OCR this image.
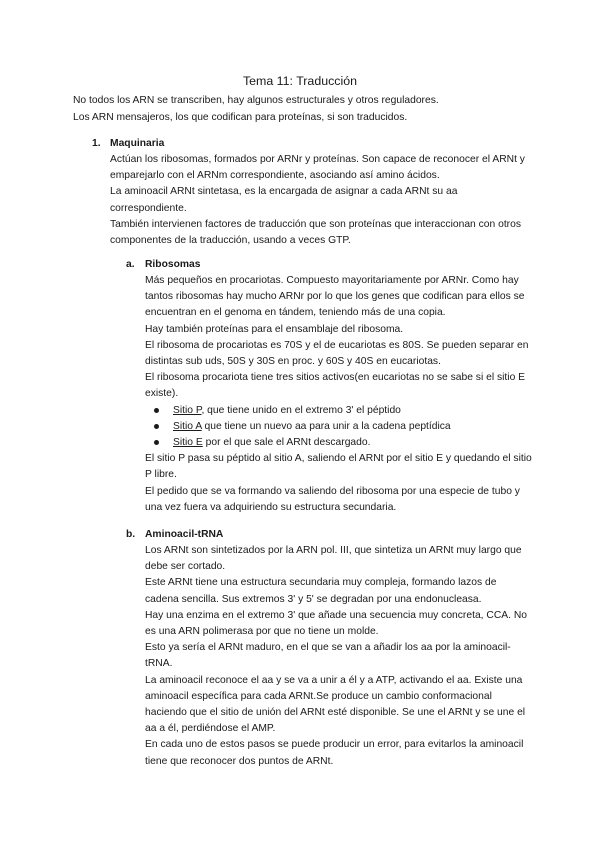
Tema 11: Traducción

No todos los ARN se transcriben, hay algunos estructurales y otros reguladores.

Los ARN mensajeros, los que codifican para proteínas, si son traducidos.

1. Maquinaria

Actúan los ribosomas, formados por ARNr y proteínas. Son capace de reconocer el ARNt y emparejarlo con el ARNm correspondiente, asociando así amino ácidos.

La aminoacil ARNt sintetasa, es la encargada de asignar a cada ARNt su aa correspondiente.

También intervienen factores de traducción que son proteínas que interaccionan con otros componentes de la traducción, usando a veces GTP.

a. Ribosomas

Más pequeños en procariotas. Compuesto mayoritariamente por ARNr. Como hay tantos ribosomas hay mucho ARNr por lo que los genes que codifican para ellos se encuentran en el genoma en tándem, teniendo más de una copia.

Hay también proteínas para el ensamblaje del ribosoma.

El ribosoma de procariotas es 70S y el de eucariotas es 80S. Se pueden separar en distintas sub uds, 50S y 30S en proc. y 60S y 40S en eucariotas.

El ribosoma procariota tiene tres sitios activos(en eucariotas no se sabe si el sitio E existe).

Sitio P, que tiene unido en el extremo 3' el péptido
Sitio A que tiene un nuevo aa para unir a la cadena peptídica
Sitio E por el que sale el ARNt descargado.

El sitio P pasa su péptido al sitio A, saliendo el ARNt por el sitio E y quedando el sitio P libre.

El pedido que se va formando va saliendo del ribosoma por una especie de tubo y una vez fuera va adquiriendo su estructura secundaria.

b. Aminoacil-tRNA

Los ARNt son sintetizados por la ARN pol. III, que sintetiza un ARNt muy largo que debe ser cortado.

Este ARNt tiene una estructura secundaria muy compleja, formando lazos de cadena sencilla. Sus extremos 3' y 5' se degradan por una endonucleasa.

Hay una enzima en el extremo 3' que añade una secuencia muy concreta, CCA. No es una ARN polimerasa por que no tiene un molde.

Esto ya sería el ARNt maduro, en el que se van a añadir los aa por la aminoacil-tRNA.

La aminoacil reconoce el aa y se va a unir a él y a ATP, activando el aa. Existe una aminoacil específica para cada ARNt.Se produce un cambio conformacional haciendo que el sitio de unión del ARNt esté disponible. Se une el ARNt y se une el aa a él, perdiéndose el AMP.

En cada uno de estos pasos se puede producir un error, para evitarlos la aminoacil tiene que reconocer dos puntos de ARNt.
